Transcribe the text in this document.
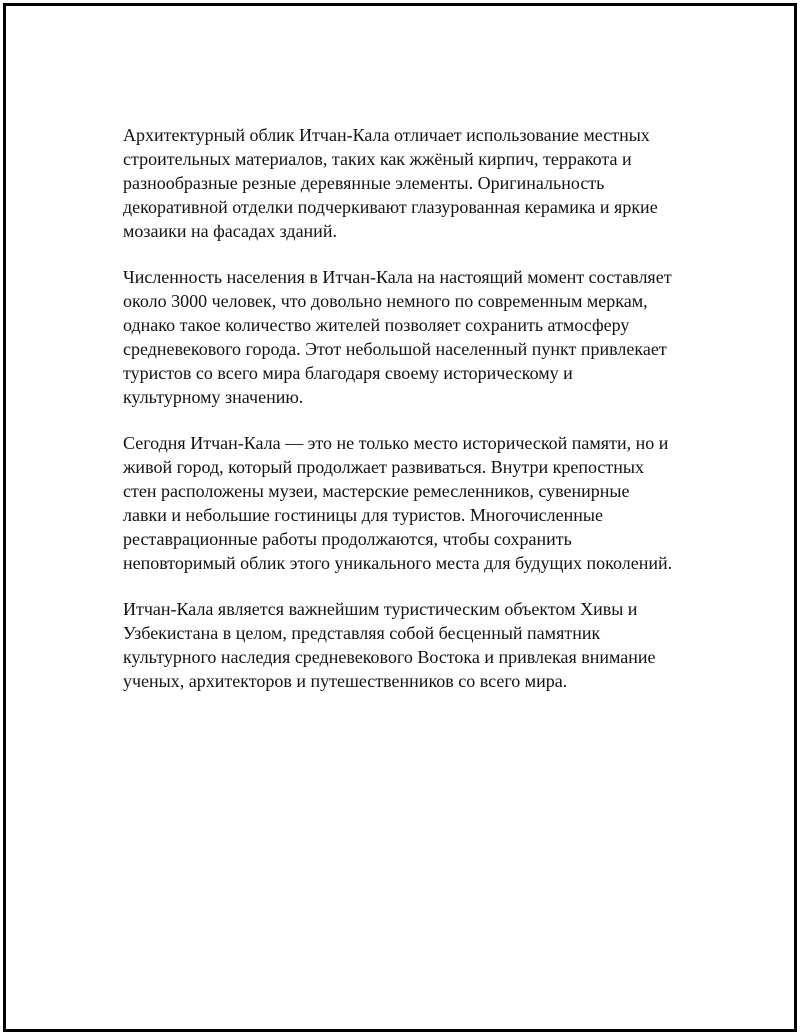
Архитектурный облик Итчан-Кала отличает использование местных
строительных материалов, таких как жжёный кирпич, терракота и
разнообразные резные деревянные элементы. Оригинальность
декоративной отделки подчеркивают глазурованная керамика и яркие
мозаики на фасадах зданий.

Численность населения в Итчан-Кала на настоящий момент составляет
около 3000 человек, что довольно немного по современным меркам,
однако такое количество жителей позволяет сохранить атмосферу
средневекового города. Этот небольшой населенный пункт привлекает
туристов со всего мира благодаря своему историческому и
культурному значению.

Сегодня Итчан-Кала — это не только место исторической памяти, но и
живой город, который продолжает развиваться. Внутри крепостных
стен расположены музеи, мастерские ремесленников, сувенирные
лавки и небольшие гостиницы для туристов. Многочисленные
реставрационные работы продолжаются, чтобы сохранить
неповторимый облик этого уникального места для будущих поколений.

Итчан-Кала является важнейшим туристическим объектом Хивы и
Узбекистана в целом, представляя собой бесценный памятник
культурного наследия средневекового Востока и привлекая внимание
ученых, архитекторов и путешественников со всего мира.
